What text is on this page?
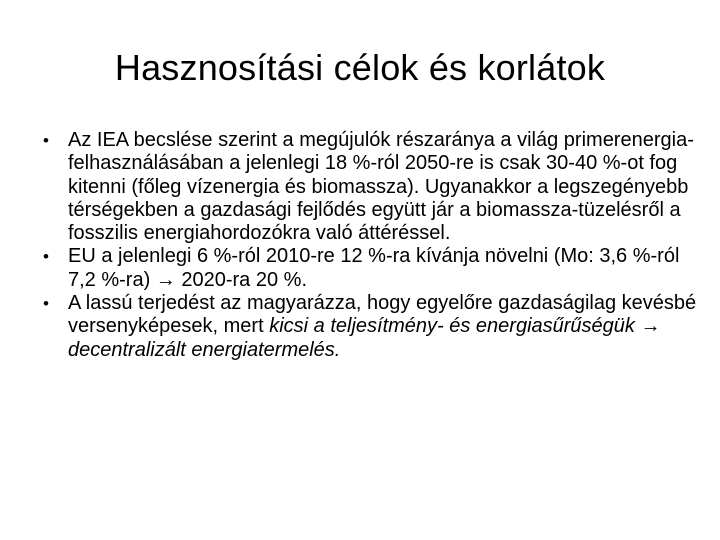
Hasznosítási célok és korlátok
• Az IEA becslése szerint a megújulók részaránya a világ primerenergia-felhasználásában a jelenlegi 18 %-ról 2050-re is csak 30-40 %-ot fog kitenni (főleg vízenergia és biomassza). Ugyanakkor a legszegényebb térségekben a gazdasági fejlődés együtt jár a biomassza-tüzelésről a fosszilis energiahordozókra való áttéréssel.
• EU a jelenlegi 6 %-ról 2010-re 12 %-ra kívánja növelni (Mo: 3,6 %-ról 7,2 %-ra) → 2020-ra 20 %.
• A lassú terjedést az magyarázza, hogy egyelőre gazdaságilag kevésbé versenyképesek, mert kicsi a teljesítmény- és energiasűrűségük → decentralizált energiatermelés.
